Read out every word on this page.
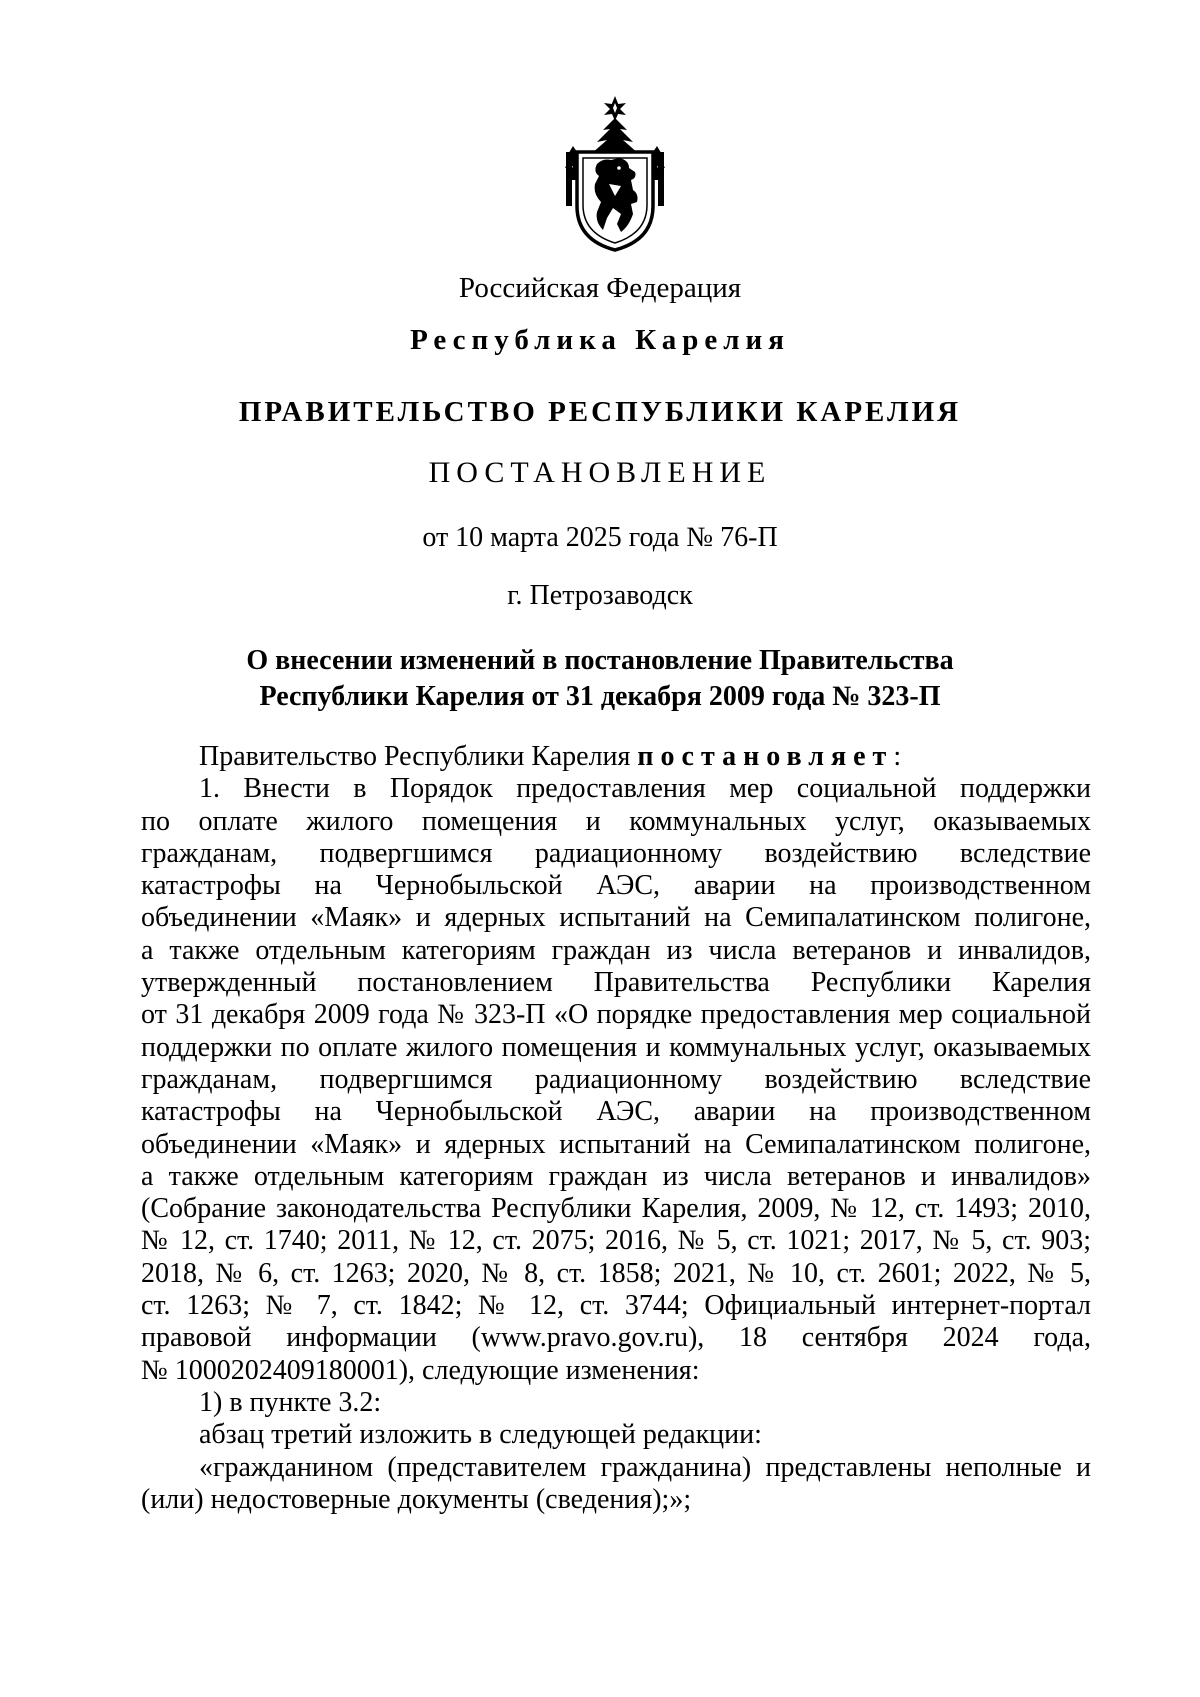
Российская Федерация
Республика Карелия
ПРАВИТЕЛЬСТВО РЕСПУБЛИКИ КАРЕЛИЯ
ПОСТАНОВЛЕНИЕ
от 10 марта 2025 года № 76-П
г. Петрозаводск
О внесении изменений в постановление Правительства
Республики Карелия от 31 декабря 2009 года № 323-П

Правительство Республики Карелия постановляет:

1. Внести в Порядок предоставления мер социальной поддержки

по оплате жилого помещения и коммунальных услуг, оказываемых

гражданам, подвергшимся радиационному воздействию вследствие

катастрофы на Чернобыльской АЭС, аварии на производственном

объединении «Маяк» и ядерных испытаний на Семипалатинском полигоне,

а также отдельным категориям граждан из числа ветеранов и инвалидов,

утвержденный постановлением Правительства Республики Карелия

от 31 декабря 2009 года № 323-П «О порядке предоставления мер социальной

поддержки по оплате жилого помещения и коммунальных услуг, оказываемых

гражданам, подвергшимся радиационному воздействию вследствие

катастрофы на Чернобыльской АЭС, аварии на производственном

объединении «Маяк» и ядерных испытаний на Семипалатинском полигоне,

а также отдельным категориям граждан из числа ветеранов и инвалидов»

(Собрание законодательства Республики Карелия, 2009, № 12, ст. 1493; 2010,

№ 12, ст. 1740; 2011, № 12, ст. 2075; 2016, № 5, ст. 1021; 2017, № 5, ст. 903;

2018, № 6, ст. 1263; 2020, № 8, ст. 1858; 2021, № 10, ст. 2601; 2022, № 5,

ст. 1263; № 7, ст. 1842; № 12, ст. 3744; Официальный интернет-портал

правовой информации (www.pravo.gov.ru), 18 сентября 2024 года,

№ 1000202409180001), следующие изменения:

1) в пункте 3.2:

абзац третий изложить в следующей редакции:

«гражданином (представителем гражданина) представлены неполные и

(или) недостоверные документы (сведения);»;
